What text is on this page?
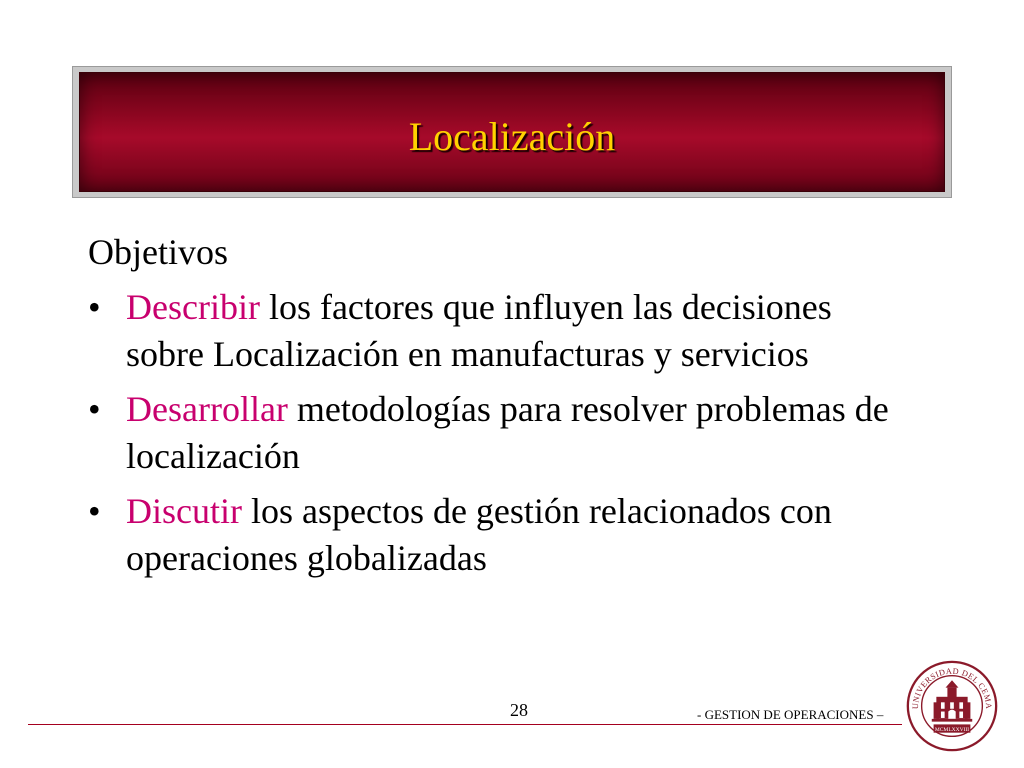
Localización
Objetivos
• Describir los factores que influyen las decisiones sobre Localización en manufacturas y servicios
• Desarrollar metodologías para resolver problemas de localización
• Discutir los aspectos de gestión relacionados con operaciones globalizadas
28	- GESTION DE OPERACIONES –
UNIVERSIDAD DEL CEMA
MCMLXXVIII
